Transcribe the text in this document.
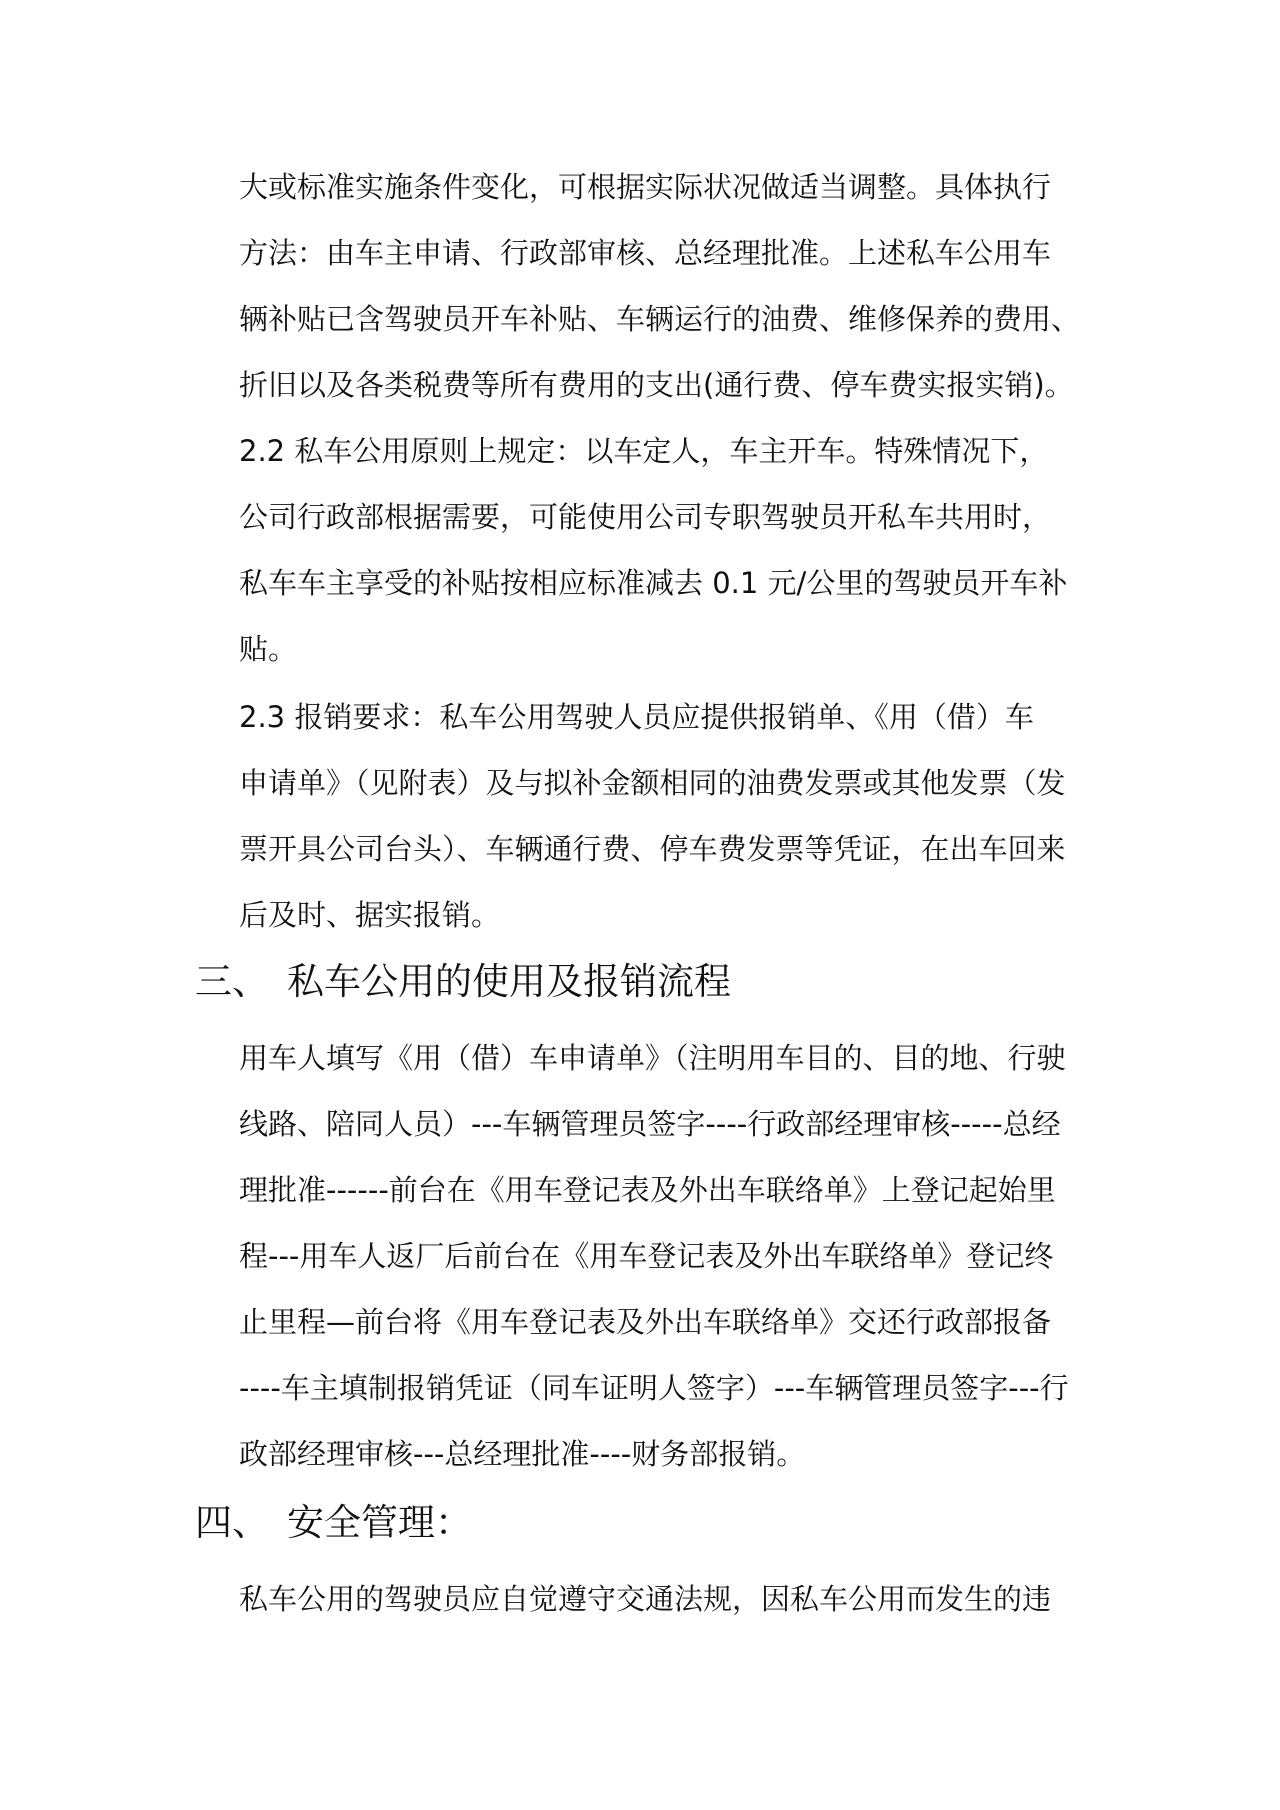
大或标准实施条件变化，可根据实际状况做适当调整。具体执行
方法：由车主申请、行政部审核、总经理批准。上述私车公用车
辆补贴已含驾驶员开车补贴、车辆运行的油费、维修保养的费用、
折旧以及各类税费等所有费用的支出(通行费、停车费实报实销)。
2.2 私车公用原则上规定：以车定人，车主开车。特殊情况下，
公司行政部根据需要，可能使用公司专职驾驶员开私车共用时，
私车车主享受的补贴按相应标准减去 0.1 元/公里的驾驶员开车补
贴。
2.3 报销要求：私车公用驾驶人员应提供报销单、《用（借）车
申请单》（见附表）及与拟补金额相同的油费发票或其他发票（发
票开具公司台头）、车辆通行费、停车费发票等凭证，在出车回来
后及时、据实报销。
三、 私车公用的使用及报销流程
用车人填写《用（借）车申请单》（注明用车目的、目的地、行驶
线路、陪同人员）---车辆管理员签字----行政部经理审核-----总经
理批准------前台在《用车登记表及外出车联络单》上登记起始里
程---用车人返厂后前台在《用车登记表及外出车联络单》登记终
止里程—前台将《用车登记表及外出车联络单》交还行政部报备
----车主填制报销凭证（同车证明人签字）---车辆管理员签字---行
政部经理审核---总经理批准----财务部报销。
四、 安全管理：
私车公用的驾驶员应自觉遵守交通法规，因私车公用而发生的违
